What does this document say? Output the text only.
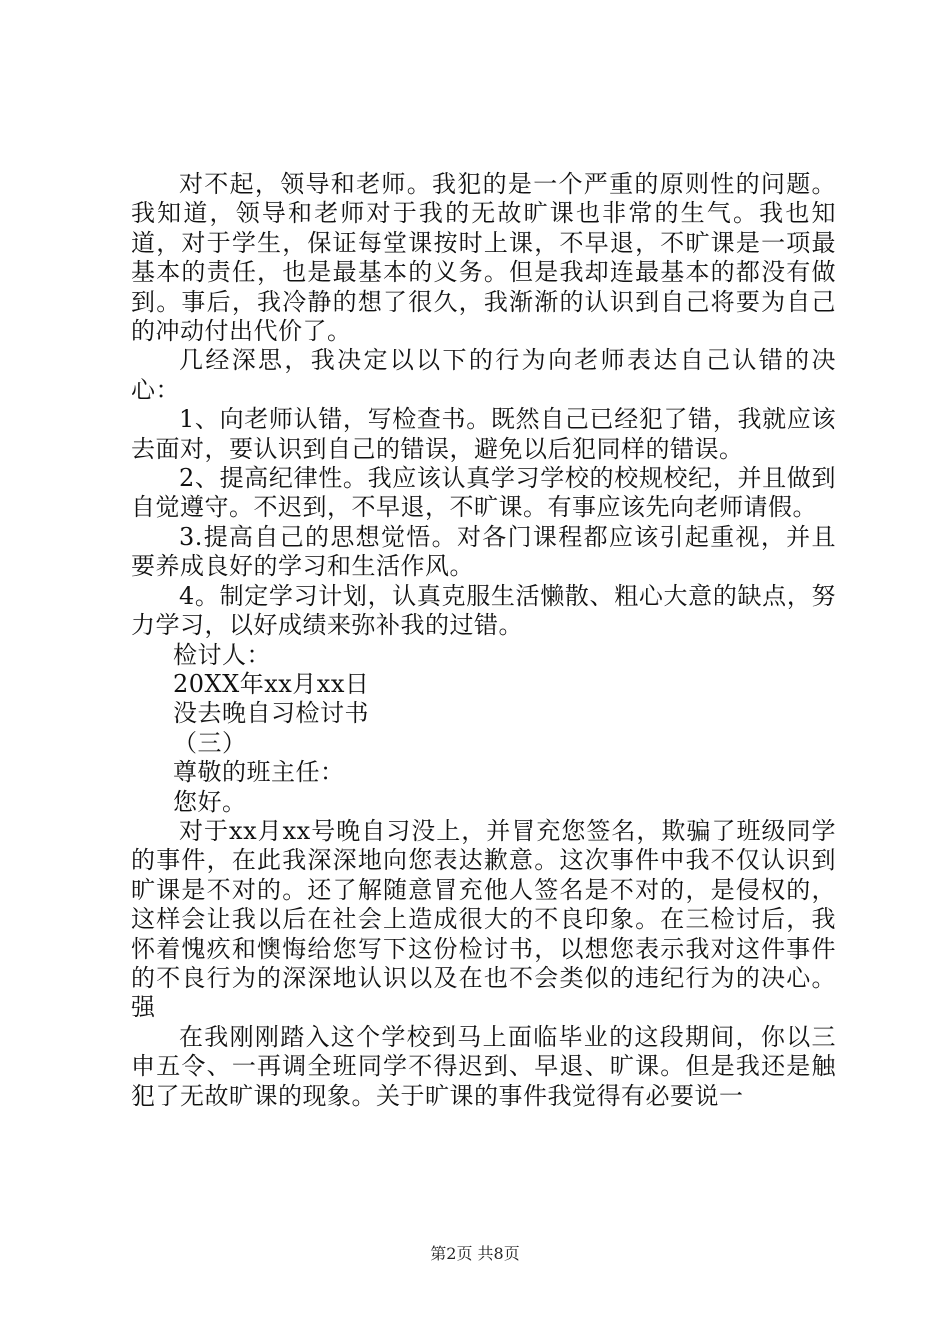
对不起，领导和老师。我犯的是一个严重的原则性的问题。我知道，领导和老师对于我的无故旷课也非常的生气。我也知道，对于学生，保证每堂课按时上课，不早退，不旷课是一项最基本的责任，也是最基本的义务。但是我却连最基本的都没有做到。事后，我冷静的想了很久，我渐渐的认识到自己将要为自己的冲动付出代价了。

几经深思，我决定以以下的行为向老师表达自己认错的决心：

1、向老师认错，写检查书。既然自己已经犯了错，我就应该去面对，要认识到自己的错误，避免以后犯同样的错误。

2、提高纪律性。我应该认真学习学校的校规校纪，并且做到自觉遵守。不迟到，不早退，不旷课。有事应该先向老师请假。

3.提高自己的思想觉悟。对各门课程都应该引起重视，并且要养成良好的学习和生活作风。

4。制定学习计划，认真克服生活懒散、粗心大意的缺点，努力学习，以好成绩来弥补我的过错。

检讨人：

20XX年xx月xx日

没去晚自习检讨书

（三）

尊敬的班主任：

您好。

对于xx月xx号晚自习没上，并冒充您签名，欺骗了班级同学的事件，在此我深深地向您表达歉意。这次事件中我不仅认识到旷课是不对的。还了解随意冒充他人签名是不对的，是侵权的，这样会让我以后在社会上造成很大的不良印象。在三检讨后，我怀着愧疚和懊悔给您写下这份检讨书，以想您表示我对这件事件的不良行为的深深地认识以及在也不会类似的违纪行为的决心。强

在我刚刚踏入这个学校到马上面临毕业的这段期间，你以三申五令、一再调全班同学不得迟到、早退、旷课。但是我还是触犯了无故旷课的现象。关于旷课的事件我觉得有必要说一

第2页 共8页
